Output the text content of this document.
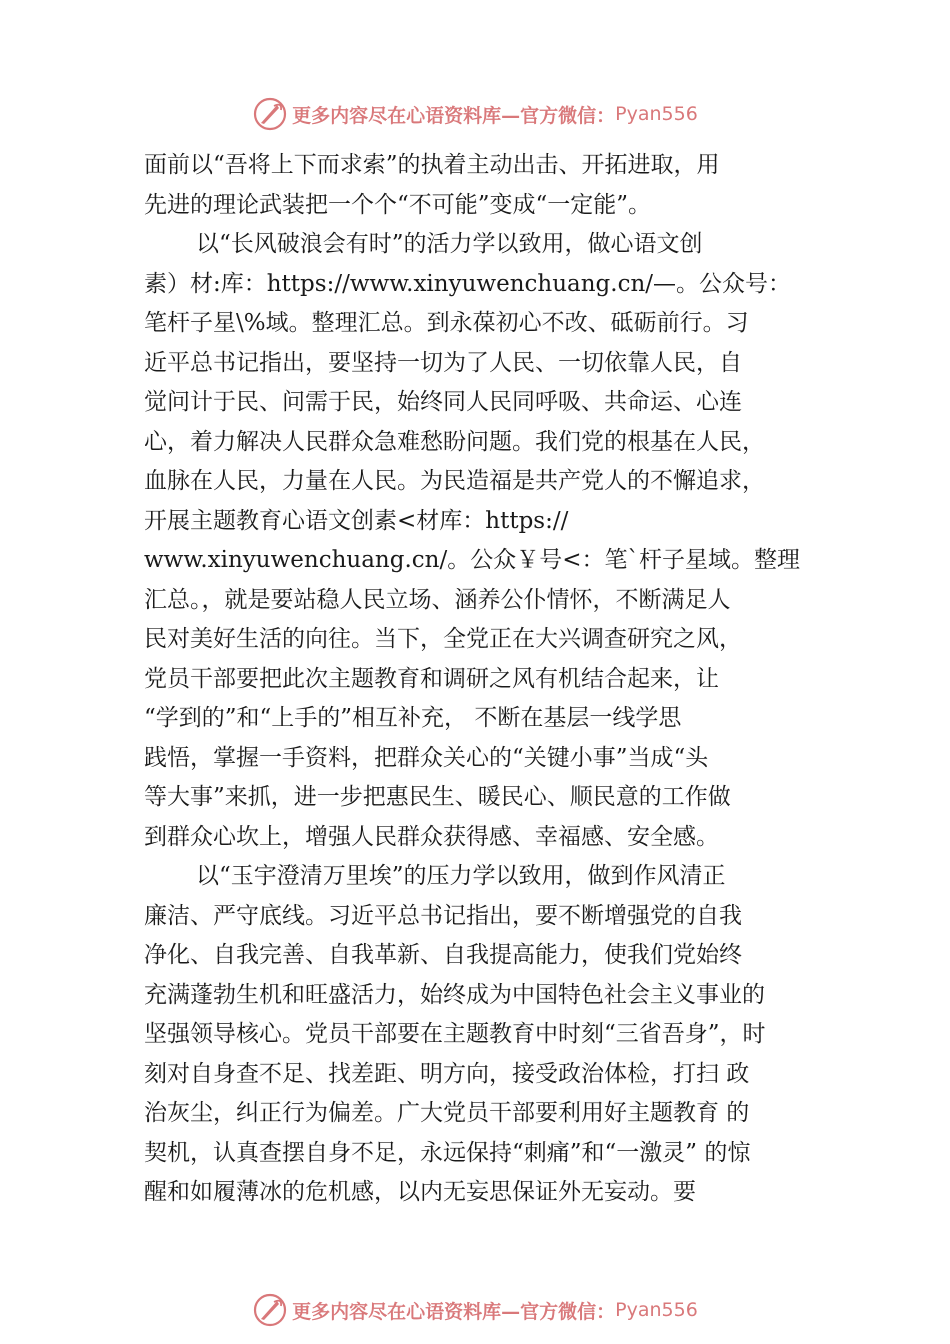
更多内容尽在心语资料库—官方微信： Pyan556
面前以“吾将上下而求索”的执着主动出击、开拓进取，用
先进的理论武装把一个个“不可能”变成“一定能”。
以“长风破浪会有时”的活力学以致用，做心语文创
素）材:库：https://www.xinyuwenchuang.cn/—。公众号：
笔杆子星\%域。整理汇总。到永葆初心不改、砥砺前行。习
近平总书记指出，要坚持一切为了人民、一切依靠人民，自
觉问计于民、问需于民，始终同人民同呼吸、共命运、心连
心，着力解决人民群众急难愁盼问题。我们党的根基在人民，
血脉在人民，力量在人民。为民造福是共产党人的不懈追求，
开展主题教育心语文创素<材库：https://
www.xinyuwenchuang.cn/。公众￥号<：笔`杆子星域。整理
汇总。，就是要站稳人民立场、涵养公仆情怀，不断满足人
民对美好生活的向往。当下，全党正在大兴调查研究之风，
党员干部要把此次主题教育和调研之风有机结合起来，让
“学到的”和“上手的”相互补充， 不断在基层一线学思
践悟，掌握一手资料，把群众关心的“关键小事”当成“头
等大事”来抓，进一步把惠民生、暖民心、顺民意的工作做
到群众心坎上，增强人民群众获得感、幸福感、安全感。
以“玉宇澄清万里埃”的压力学以致用，做到作风清正
廉洁、严守底线。习近平总书记指出，要不断增强党的自我
净化、自我完善、自我革新、自我提高能力，使我们党始终
充满蓬勃生机和旺盛活力，始终成为中国特色社会主义事业的
坚强领导核心。党员干部要在主题教育中时刻“三省吾身”，时
刻对自身查不足、找差距、明方向，接受政治体检，打扫 政
治灰尘，纠正行为偏差。广大党员干部要利用好主题教育 的
契机，认真查摆自身不足，永远保持“刺痛”和“一激灵” 的惊
醒和如履薄冰的危机感，以内无妄思保证外无妄动。要
更多内容尽在心语资料库—官方微信： Pyan556
